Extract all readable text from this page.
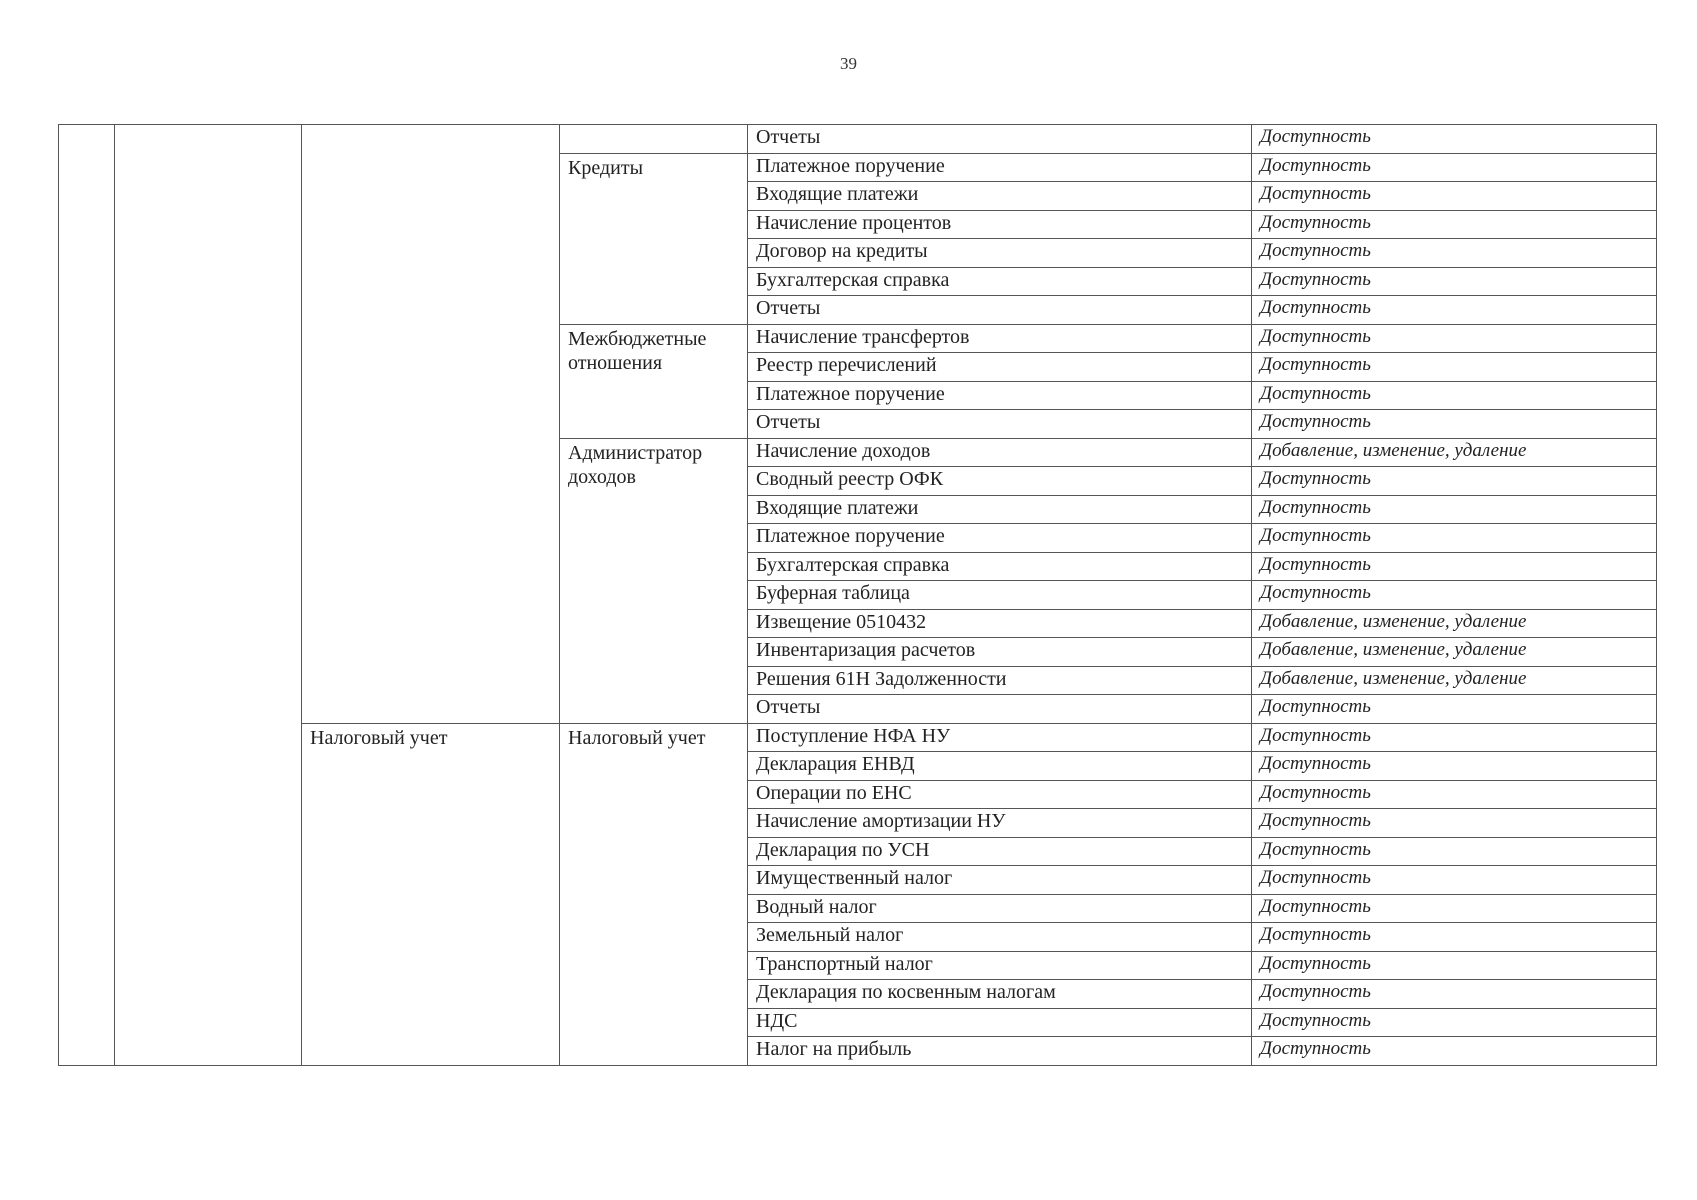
39
				Отчеты	Доступность
			Кредиты	Платежное поручение	Доступность
				Входящие платежи	Доступность
				Начисление процентов	Доступность
				Договор на кредиты	Доступность
				Бухгалтерская справка	Доступность
				Отчеты	Доступность
			Межбюджетные отношения	Начисление трансфертов	Доступность
				Реестр перечислений	Доступность
				Платежное поручение	Доступность
				Отчеты	Доступность
			Администратор доходов	Начисление доходов	Добавление, изменение, удаление
				Сводный реестр ОФК	Доступность
				Входящие платежи	Доступность
				Платежное поручение	Доступность
				Бухгалтерская справка	Доступность
				Буферная таблица	Доступность
				Извещение 0510432	Добавление, изменение, удаление
				Инвентаризация расчетов	Добавление, изменение, удаление
				Решения 61Н Задолженности	Добавление, изменение, удаление
				Отчеты	Доступность
		Налоговый учет	Налоговый учет	Поступление НФА НУ	Доступность
				Декларация ЕНВД	Доступность
				Операции по ЕНС	Доступность
				Начисление амортизации НУ	Доступность
				Декларация по УСН	Доступность
				Имущественный налог	Доступность
				Водный налог	Доступность
				Земельный налог	Доступность
				Транспортный налог	Доступность
				Декларация по косвенным налогам	Доступность
				НДС	Доступность
				Налог на прибыль	Доступность
